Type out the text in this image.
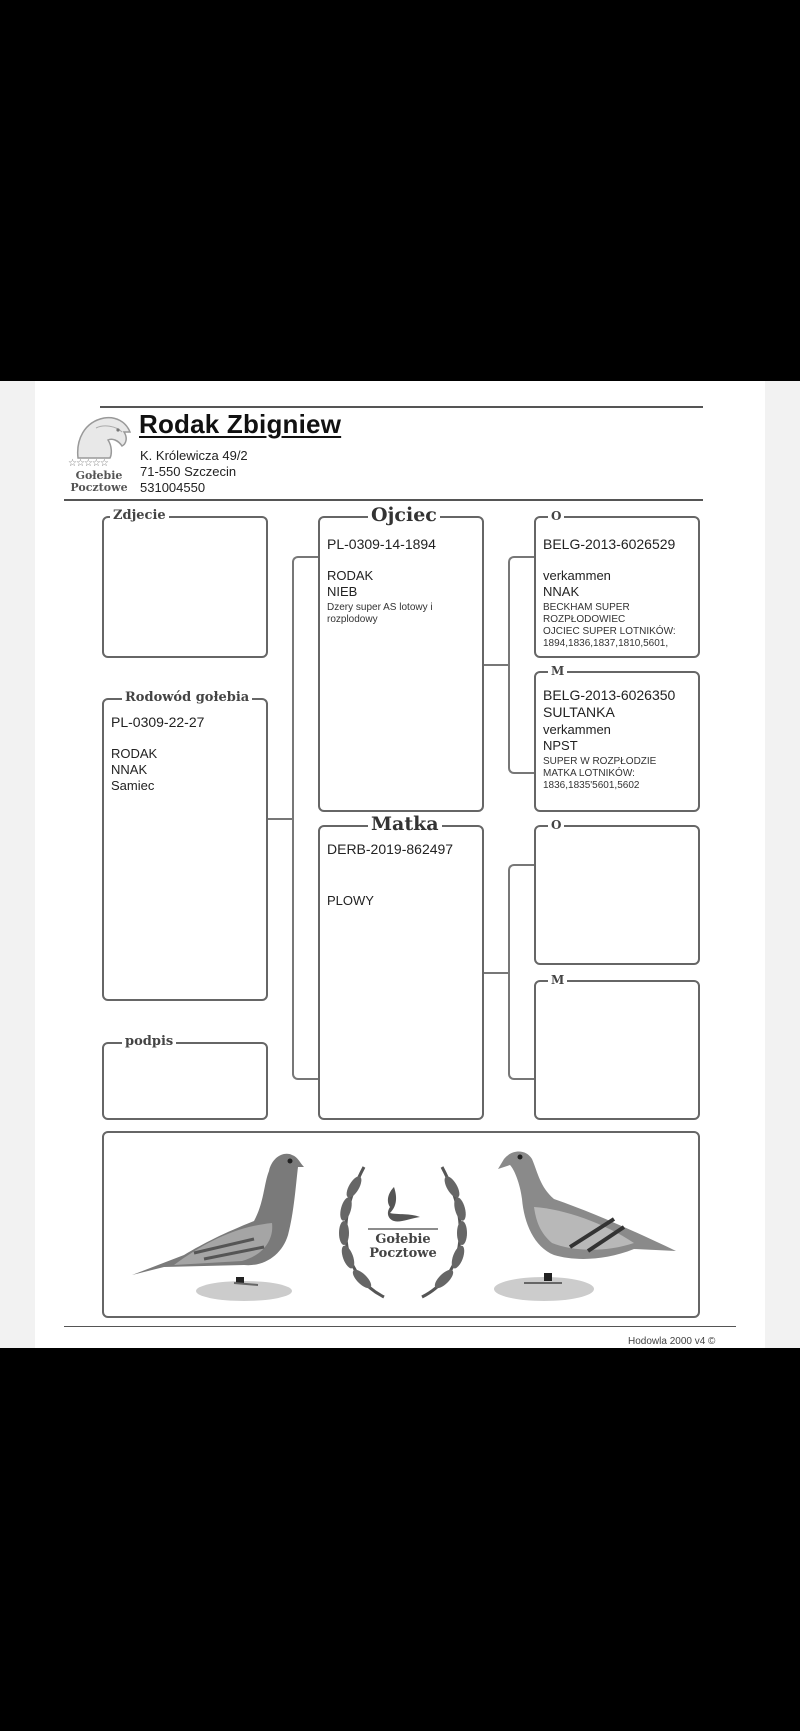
☆☆☆☆☆
Gołebie
Pocztowe
Rodak Zbigniew
K. Królewicza 49/2
71-550 Szczecin
531004550
Zdjecie
Rodowód gołebia
PL-0309-22-27
RODAK
NNAK
Samiec
podpis
Ojciec
PL-0309-14-1894
RODAK
NIEB
Dzery super AS lotowy i rozplodowy
Matka
DERB-2019-862497
PLOWY
O
BELG-2013-6026529
verkammen
NNAK
BECKHAM SUPER
ROZPŁODOWIEC
OJCIEC SUPER LOTNIKÓW:
1894,1836,1837,1810,5601,
M
BELG-2013-6026350
SULTANKA
verkammen
NPST
SUPER W ROZPŁODZIE
MATKA LOTNIKÓW:
1836,1835'5601,5602
O
M
Gołebie
Pocztowe
Hodowla 2000 v4 ©
